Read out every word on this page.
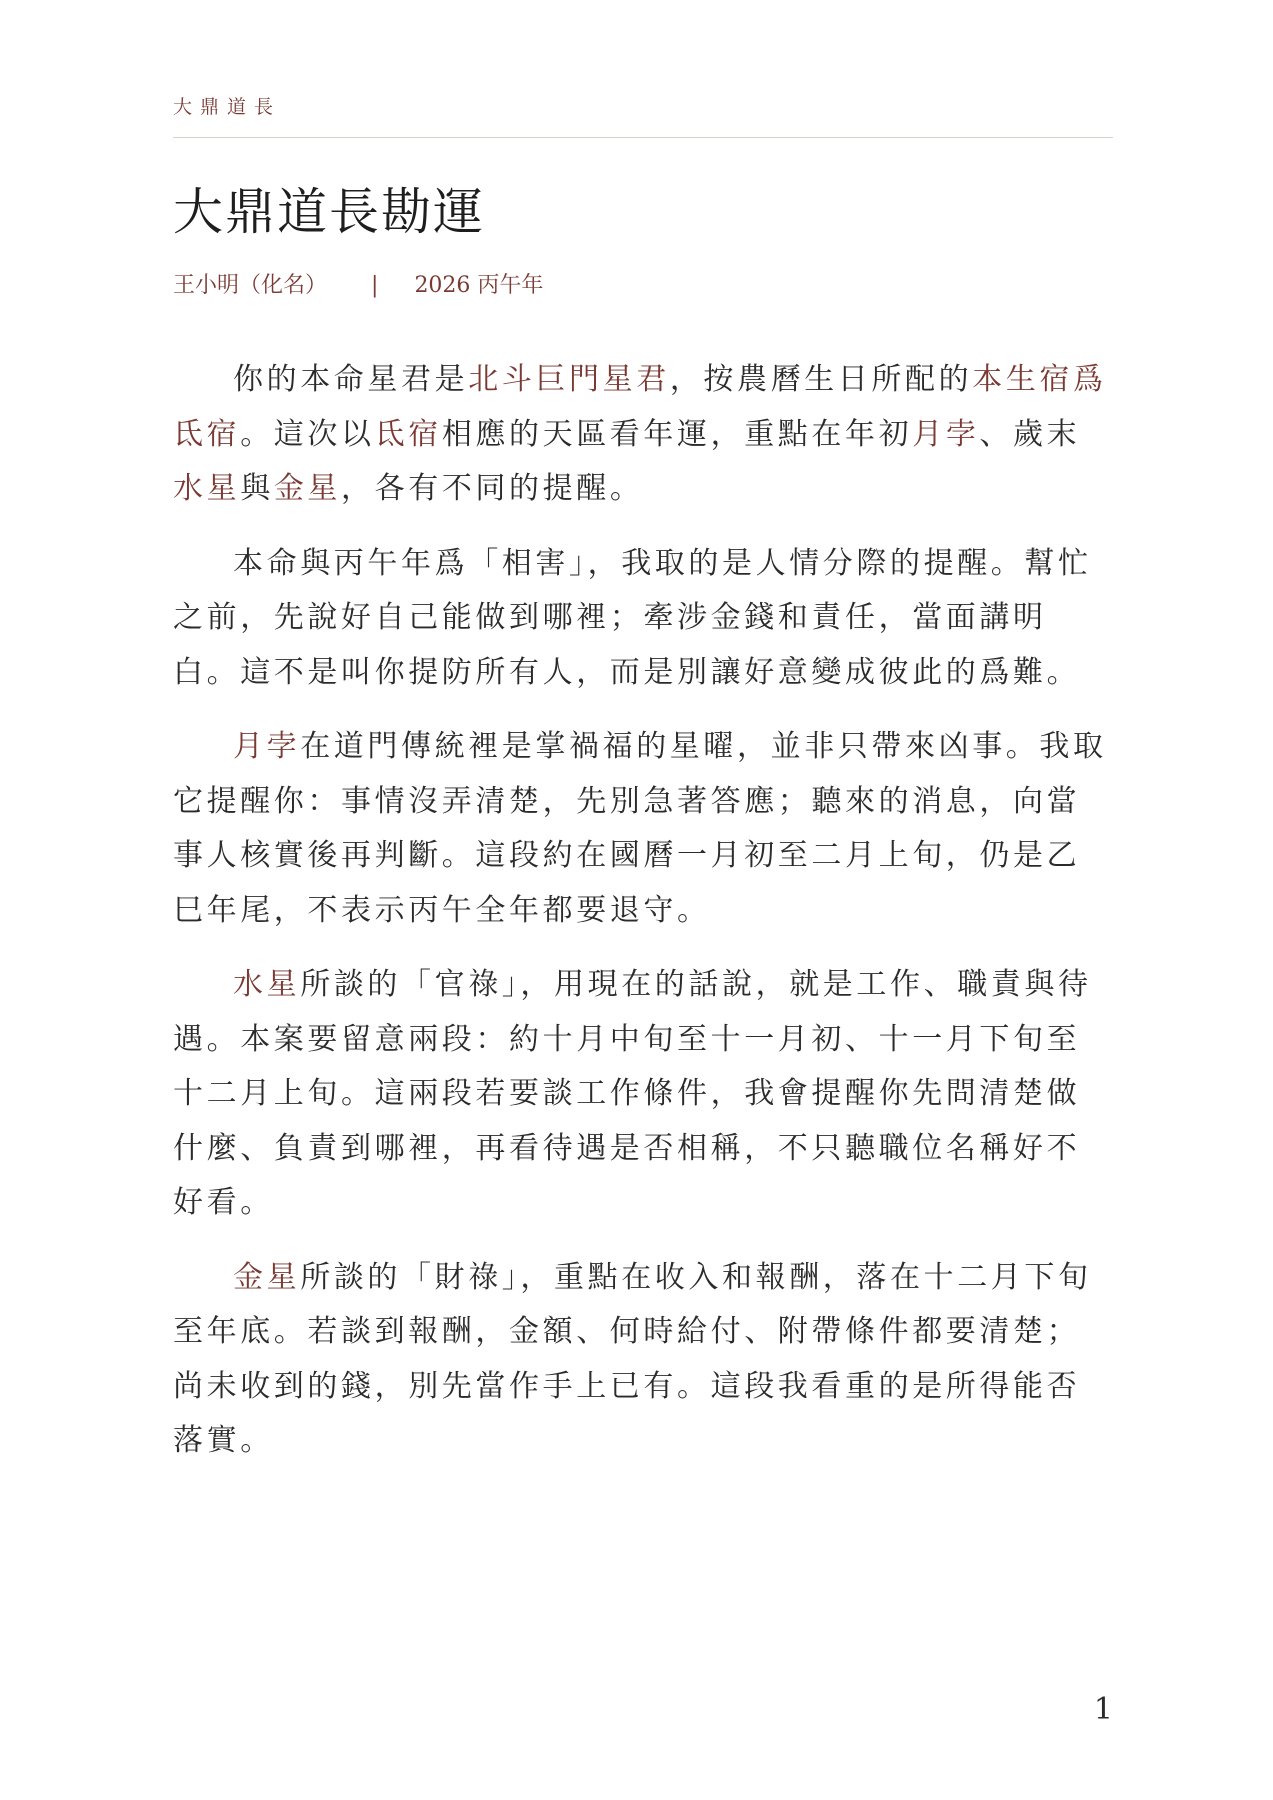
大鼎道長
大鼎道長勘運
王小明（化名） | 2026 丙午年

你的本命星君是北斗巨門星君，按農曆生日所配的本生宿爲氐宿。這次以氐宿相應的天區看年運，重點在年初月孛、歲末水星與金星，各有不同的提醒。

本命與丙午年爲「相害」，我取的是人情分際的提醒。幫忙之前，先說好自己能做到哪裡；牽涉金錢和責任，當面講明白。這不是叫你提防所有人，而是別讓好意變成彼此的爲難。

月孛在道門傳統裡是掌禍福的星曜，並非只帶來凶事。我取它提醒你：事情沒弄清楚，先別急著答應；聽來的消息，向當事人核實後再判斷。這段約在國曆一月初至二月上旬，仍是乙巳年尾，不表示丙午全年都要退守。

水星所談的「官祿」，用現在的話說，就是工作、職責與待遇。本案要留意兩段：約十月中旬至十一月初、十一月下旬至十二月上旬。這兩段若要談工作條件，我會提醒你先問清楚做什麼、負責到哪裡，再看待遇是否相稱，不只聽職位名稱好不好看。

金星所談的「財祿」，重點在收入和報酬，落在十二月下旬至年底。若談到報酬，金額、何時給付、附帶條件都要清楚；尚未收到的錢，別先當作手上已有。這段我看重的是所得能否落實。

1
